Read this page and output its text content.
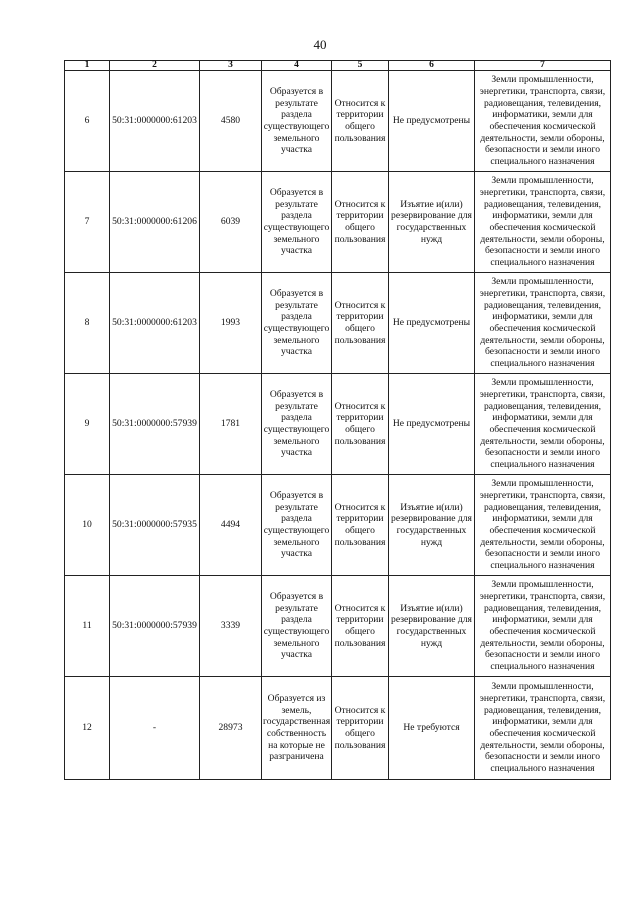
40
1	2	3	4	5	6	7
6	50:31:0000000:61203	4580	Образуется в результате раздела существующего земельного участка	Относится к территории общего пользования	Не предусмотрены	Земли промышленности, энергетики, транспорта, связи, радиовещания, телевидения, информатики, земли для обеспечения космической деятельности, земли обороны, безопасности и земли иного специального назначения
7	50:31:0000000:61206	6039	Образуется в результате раздела существующего земельного участка	Относится к территории общего пользования	Изъятие и(или) резервирование для государственных нужд	Земли промышленности, энергетики, транспорта, связи, радиовещания, телевидения, информатики, земли для обеспечения космической деятельности, земли обороны, безопасности и земли иного специального назначения
8	50:31:0000000:61203	1993	Образуется в результате раздела существующего земельного участка	Относится к территории общего пользования	Не предусмотрены	Земли промышленности, энергетики, транспорта, связи, радиовещания, телевидения, информатики, земли для обеспечения космической деятельности, земли обороны, безопасности и земли иного специального назначения
9	50:31:0000000:57939	1781	Образуется в результате раздела существующего земельного участка	Относится к территории общего пользования	Не предусмотрены	Земли промышленности, энергетики, транспорта, связи, радиовещания, телевидения, информатики, земли для обеспечения космической деятельности, земли обороны, безопасности и земли иного специального назначения
10	50:31:0000000:57935	4494	Образуется в результате раздела существующего земельного участка	Относится к территории общего пользования	Изъятие и(или) резервирование для государственных нужд	Земли промышленности, энергетики, транспорта, связи, радиовещания, телевидения, информатики, земли для обеспечения космической деятельности, земли обороны, безопасности и земли иного специального назначения
11	50:31:0000000:57939	3339	Образуется в результате раздела существующего земельного участка	Относится к территории общего пользования	Изъятие и(или) резервирование для государственных нужд	Земли промышленности, энергетики, транспорта, связи, радиовещания, телевидения, информатики, земли для обеспечения космической деятельности, земли обороны, безопасности и земли иного специального назначения
12	-	28973	Образуется из земель, государственная собственность на которые не разграничена	Относится к территории общего пользования	Не требуются	Земли промышленности, энергетики, транспорта, связи, радиовещания, телевидения, информатики, земли для обеспечения космической деятельности, земли обороны, безопасности и земли иного специального назначения
